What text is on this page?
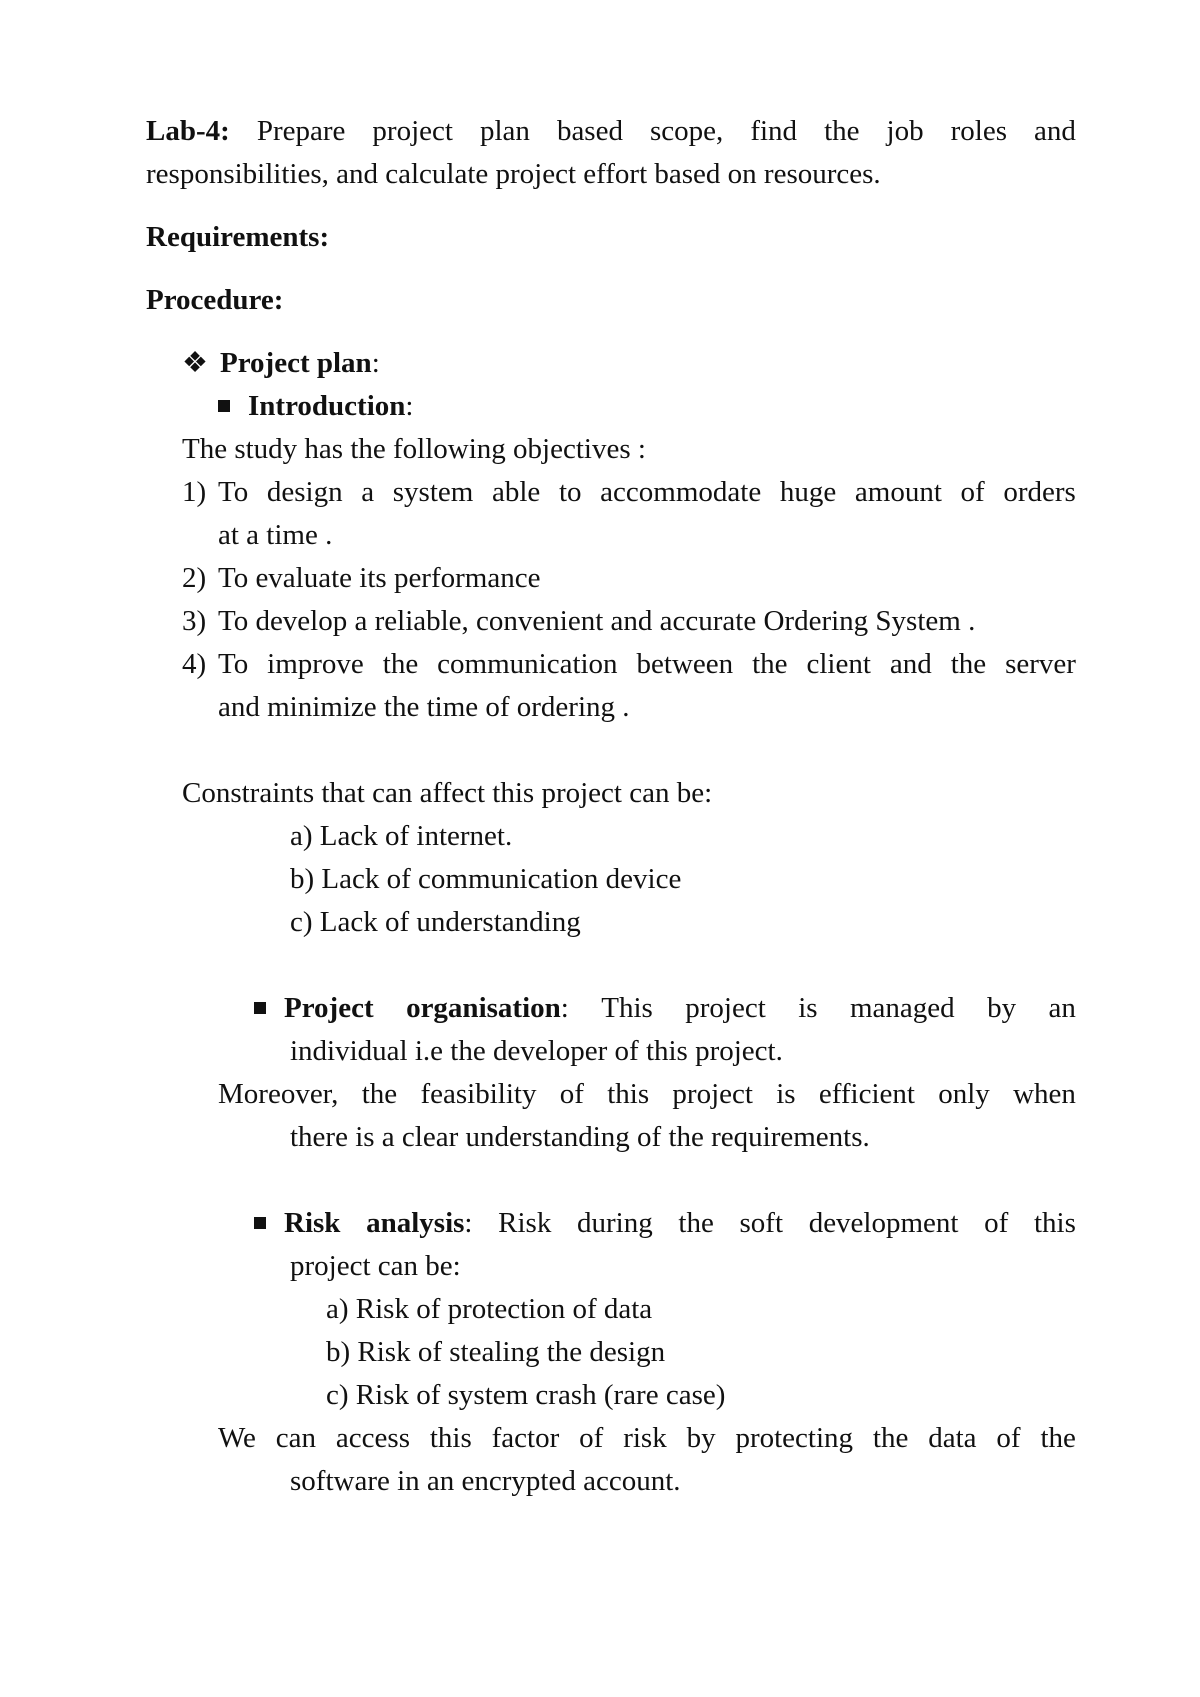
Lab-4: Prepare project plan based scope, find the job roles and
responsibilities, and calculate project effort based on resources.
Requirements:
Procedure:
❖ Project plan:
Introduction:
The study has the following objectives :
1) To design a system able to accommodate huge amount of orders
at a time .
2) To evaluate its performance
3) To develop a reliable, convenient and accurate Ordering System .
4) To improve the communication between the client and the server
and minimize the time of ordering .
Constraints that can affect this project can be:
a) Lack of internet.
b) Lack of communication device
c) Lack of understanding
Project organisation: This project is managed by an
individual i.e the developer of this project.
Moreover, the feasibility of this project is efficient only when
there is a clear understanding of the requirements.
Risk analysis: Risk during the soft development of this
project can be:
a) Risk of protection of data
b) Risk of stealing the design
c) Risk of system crash (rare case)
We can access this factor of risk by protecting the data of the
software in an encrypted account.
